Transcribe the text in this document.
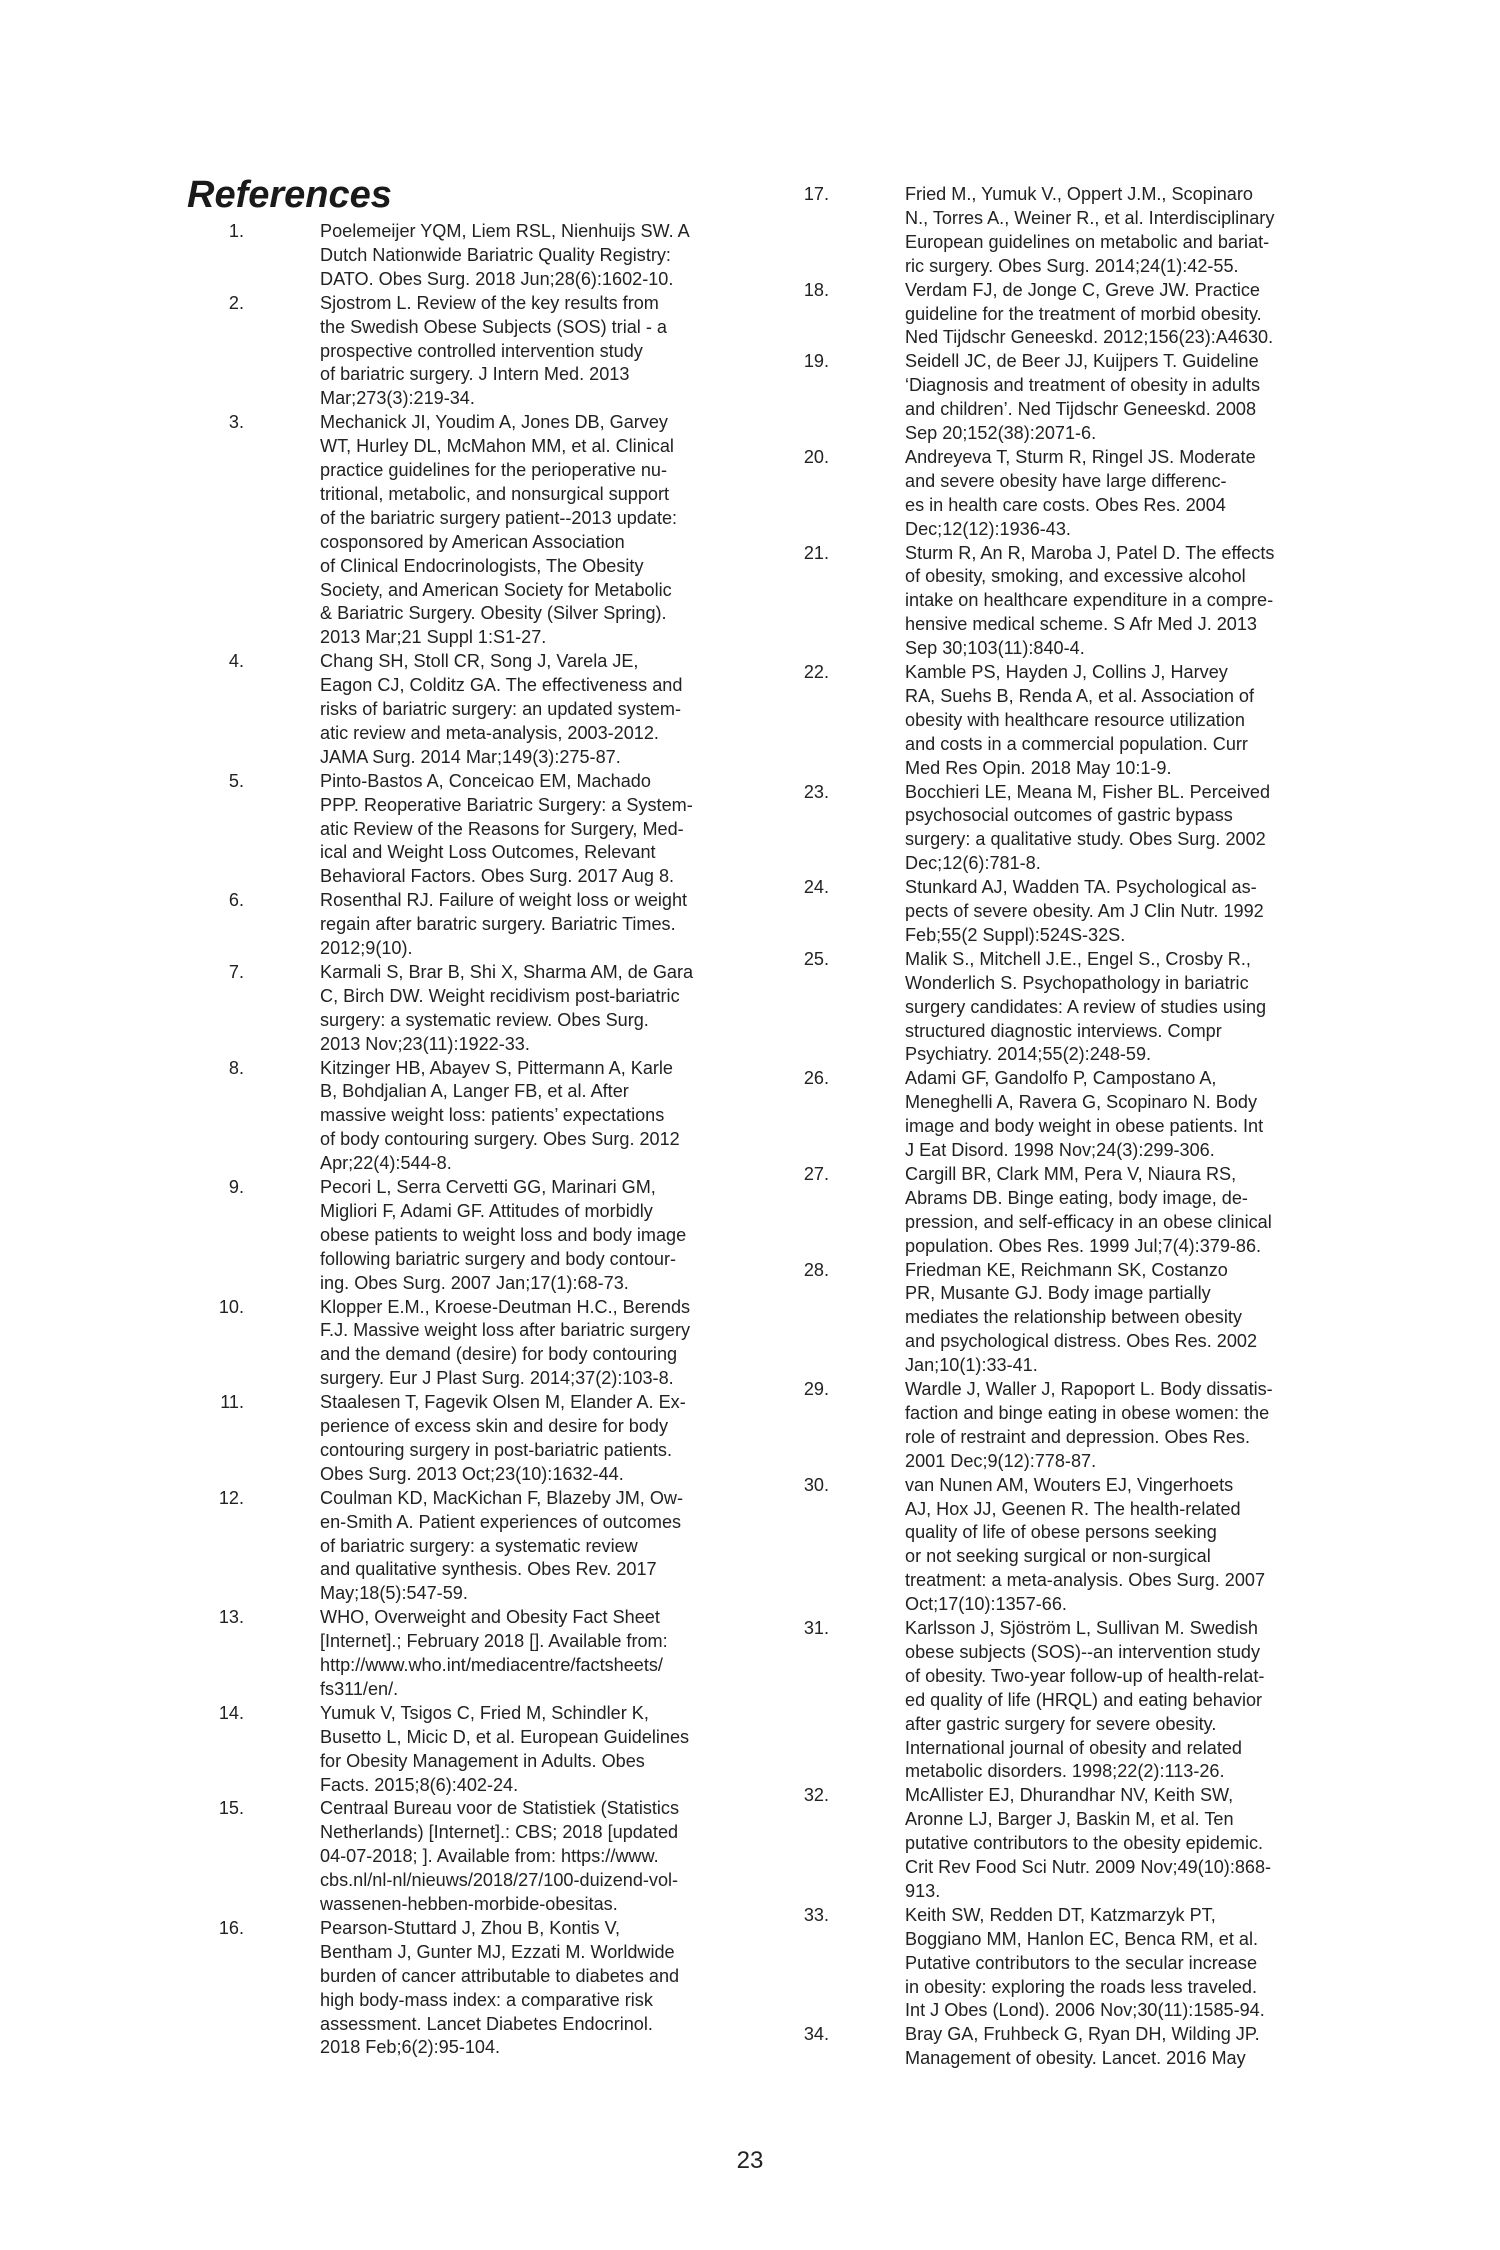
References
1.	Poelemeijer YQM, Liem RSL, Nienhuijs SW. A
Dutch Nationwide Bariatric Quality Registry:
DATO. Obes Surg. 2018 Jun;28(6):1602-10.
2.	Sjostrom L. Review of the key results from
the Swedish Obese Subjects (SOS) trial - a
prospective controlled intervention study
of bariatric surgery. J Intern Med. 2013
Mar;273(3):219-34.
3.	Mechanick JI, Youdim A, Jones DB, Garvey
WT, Hurley DL, McMahon MM, et al. Clinical
practice guidelines for the perioperative nu-
tritional, metabolic, and nonsurgical support
of the bariatric surgery patient--2013 update:
cosponsored by American Association
of Clinical Endocrinologists, The Obesity
Society, and American Society for Metabolic
& Bariatric Surgery. Obesity (Silver Spring).
2013 Mar;21 Suppl 1:S1-27.
4.	Chang SH, Stoll CR, Song J, Varela JE,
Eagon CJ, Colditz GA. The effectiveness and
risks of bariatric surgery: an updated system-
atic review and meta-analysis, 2003-2012.
JAMA Surg. 2014 Mar;149(3):275-87.
5.	Pinto-Bastos A, Conceicao EM, Machado
PPP. Reoperative Bariatric Surgery: a System-
atic Review of the Reasons for Surgery, Med-
ical and Weight Loss Outcomes, Relevant
Behavioral Factors. Obes Surg. 2017 Aug 8.
6.	Rosenthal RJ. Failure of weight loss or weight
regain after baratric surgery. Bariatric Times.
2012;9(10).
7.	Karmali S, Brar B, Shi X, Sharma AM, de Gara
C, Birch DW. Weight recidivism post-bariatric
surgery: a systematic review. Obes Surg.
2013 Nov;23(11):1922-33.
8.	Kitzinger HB, Abayev S, Pittermann A, Karle
B, Bohdjalian A, Langer FB, et al. After
massive weight loss: patients’ expectations
of body contouring surgery. Obes Surg. 2012
Apr;22(4):544-8.
9.	Pecori L, Serra Cervetti GG, Marinari GM,
Migliori F, Adami GF. Attitudes of morbidly
obese patients to weight loss and body image
following bariatric surgery and body contour-
ing. Obes Surg. 2007 Jan;17(1):68-73.
10.	Klopper E.M., Kroese-Deutman H.C., Berends
F.J. Massive weight loss after bariatric surgery
and the demand (desire) for body contouring
surgery. Eur J Plast Surg. 2014;37(2):103-8.
11.	Staalesen T, Fagevik Olsen M, Elander A. Ex-
perience of excess skin and desire for body
contouring surgery in post-bariatric patients.
Obes Surg. 2013 Oct;23(10):1632-44.
12.	Coulman KD, MacKichan F, Blazeby JM, Ow-
en-Smith A. Patient experiences of outcomes
of bariatric surgery: a systematic review
and qualitative synthesis. Obes Rev. 2017
May;18(5):547-59.
13.	WHO, Overweight and Obesity Fact Sheet
[Internet].; February 2018 []. Available from:
http://www.who.int/mediacentre/factsheets/
fs311/en/.
14.	Yumuk V, Tsigos C, Fried M, Schindler K,
Busetto L, Micic D, et al. European Guidelines
for Obesity Management in Adults. Obes
Facts. 2015;8(6):402-24.
15.	Centraal Bureau voor de Statistiek (Statistics
Netherlands) [Internet].: CBS; 2018 [updated
04-07-2018; ]. Available from: https://www.
cbs.nl/nl-nl/nieuws/2018/27/100-duizend-vol-
wassenen-hebben-morbide-obesitas.
16.	Pearson-Stuttard J, Zhou B, Kontis V,
Bentham J, Gunter MJ, Ezzati M. Worldwide
burden of cancer attributable to diabetes and
high body-mass index: a comparative risk
assessment. Lancet Diabetes Endocrinol.
2018 Feb;6(2):95-104.
17.	Fried M., Yumuk V., Oppert J.M., Scopinaro
N., Torres A., Weiner R., et al. Interdisciplinary
European guidelines on metabolic and bariat-
ric surgery. Obes Surg. 2014;24(1):42-55.
18.	Verdam FJ, de Jonge C, Greve JW. Practice
guideline for the treatment of morbid obesity.
Ned Tijdschr Geneeskd. 2012;156(23):A4630.
19.	Seidell JC, de Beer JJ, Kuijpers T. Guideline
‘Diagnosis and treatment of obesity in adults
and children’. Ned Tijdschr Geneeskd. 2008
Sep 20;152(38):2071-6.
20.	Andreyeva T, Sturm R, Ringel JS. Moderate
and severe obesity have large differenc-
es in health care costs. Obes Res. 2004
Dec;12(12):1936-43.
21.	Sturm R, An R, Maroba J, Patel D. The effects
of obesity, smoking, and excessive alcohol
intake on healthcare expenditure in a compre-
hensive medical scheme. S Afr Med J. 2013
Sep 30;103(11):840-4.
22.	Kamble PS, Hayden J, Collins J, Harvey
RA, Suehs B, Renda A, et al. Association of
obesity with healthcare resource utilization
and costs in a commercial population. Curr
Med Res Opin. 2018 May 10:1-9.
23.	Bocchieri LE, Meana M, Fisher BL. Perceived
psychosocial outcomes of gastric bypass
surgery: a qualitative study. Obes Surg. 2002
Dec;12(6):781-8.
24.	Stunkard AJ, Wadden TA. Psychological as-
pects of severe obesity. Am J Clin Nutr. 1992
Feb;55(2 Suppl):524S-32S.
25.	Malik S., Mitchell J.E., Engel S., Crosby R.,
Wonderlich S. Psychopathology in bariatric
surgery candidates: A review of studies using
structured diagnostic interviews. Compr
Psychiatry. 2014;55(2):248-59.
26.	Adami GF, Gandolfo P, Campostano A,
Meneghelli A, Ravera G, Scopinaro N. Body
image and body weight in obese patients. Int
J Eat Disord. 1998 Nov;24(3):299-306.
27.	Cargill BR, Clark MM, Pera V, Niaura RS,
Abrams DB. Binge eating, body image, de-
pression, and self-efficacy in an obese clinical
population. Obes Res. 1999 Jul;7(4):379-86.
28.	Friedman KE, Reichmann SK, Costanzo
PR, Musante GJ. Body image partially
mediates the relationship between obesity
and psychological distress. Obes Res. 2002
Jan;10(1):33-41.
29.	Wardle J, Waller J, Rapoport L. Body dissatis-
faction and binge eating in obese women: the
role of restraint and depression. Obes Res.
2001 Dec;9(12):778-87.
30.	van Nunen AM, Wouters EJ, Vingerhoets
AJ, Hox JJ, Geenen R. The health-related
quality of life of obese persons seeking
or not seeking surgical or non-surgical
treatment: a meta-analysis. Obes Surg. 2007
Oct;17(10):1357-66.
31.	Karlsson J, Sjöström L, Sullivan M. Swedish
obese subjects (SOS)--an intervention study
of obesity. Two-year follow-up of health-relat-
ed quality of life (HRQL) and eating behavior
after gastric surgery for severe obesity.
International journal of obesity and related
metabolic disorders. 1998;22(2):113-26.
32.	McAllister EJ, Dhurandhar NV, Keith SW,
Aronne LJ, Barger J, Baskin M, et al. Ten
putative contributors to the obesity epidemic.
Crit Rev Food Sci Nutr. 2009 Nov;49(10):868-
913.
33.	Keith SW, Redden DT, Katzmarzyk PT,
Boggiano MM, Hanlon EC, Benca RM, et al.
Putative contributors to the secular increase
in obesity: exploring the roads less traveled.
Int J Obes (Lond). 2006 Nov;30(11):1585-94.
34.	Bray GA, Fruhbeck G, Ryan DH, Wilding JP.
Management of obesity. Lancet. 2016 May
23
